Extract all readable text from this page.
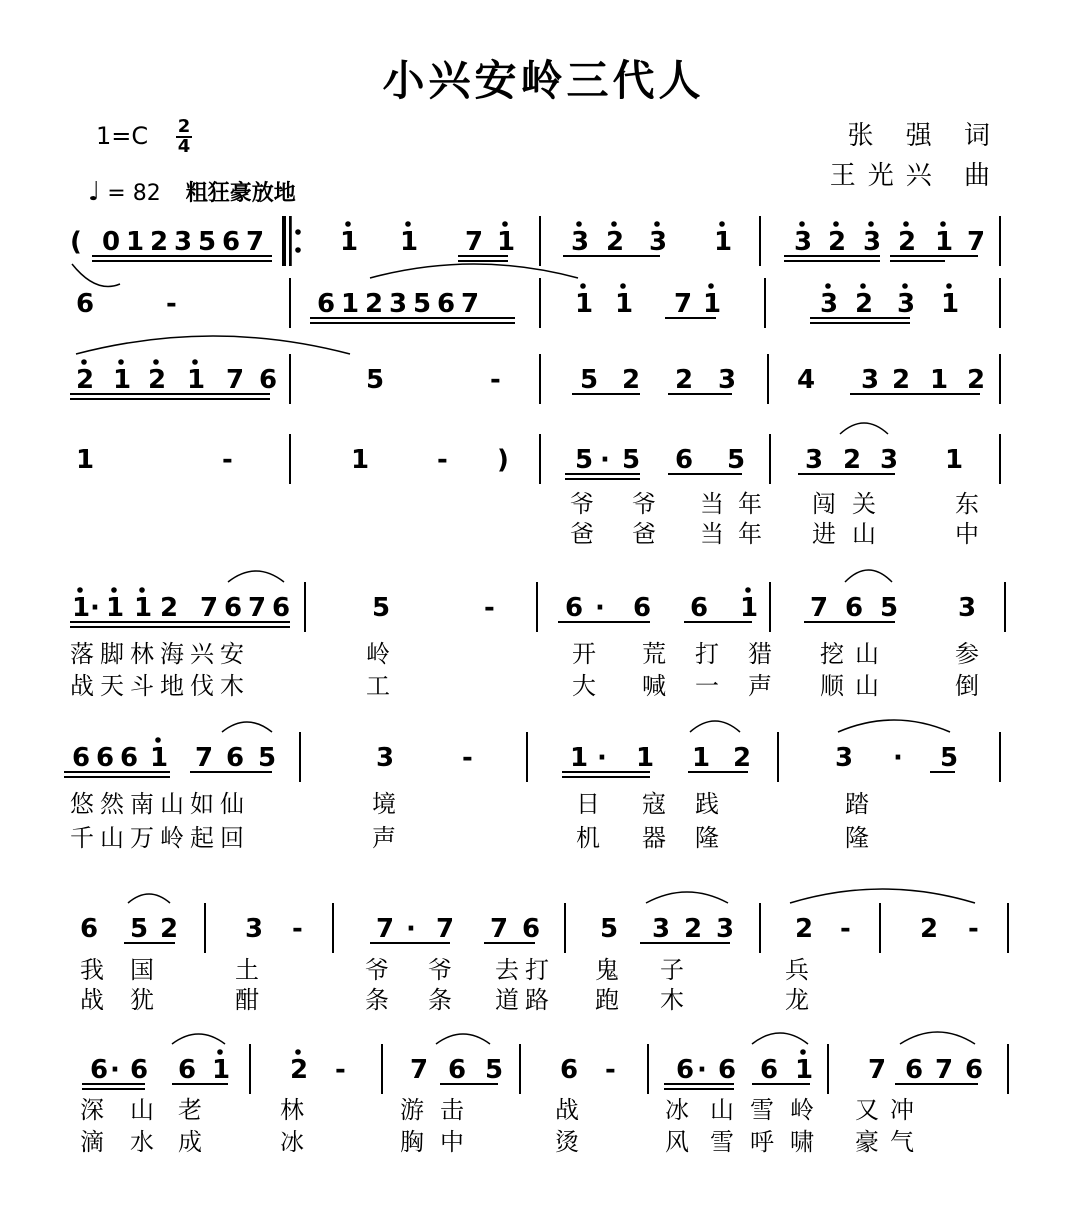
小兴安岭三代人
$1=C \frac{2}{4}$
♩ = 82 粗狂豪放地
张 强 词
王光兴 曲
( 0 1 2 3 5 6 7	1 1 7 1 3 2 3 1 3 2 3 2 1 7
6	-	6 1 2 3 5 6 7	1 1 7 1	3 2 3 1
2 1 2 1 7 6	5	-	5 2 2 3 4 3 2 1 2
1	-	1	- )	5 · 5 6 5 3 2 3 1
爷 爷 当 年 闯 关	东
爸 爸 当 年 进 山	中
1 · 1 1 2 7 6 7 6	5	-	6 · 6 6 1 7 6 5 3
落 脚 林 海 兴 安	岭	开 荒 打 猎 挖 山	参
战 天 斗 地 伐 木	工	大 喊 一 声 顺 山	倒
6 6 6 1 7 6 5	3	-	1 · 1 1 2	3 · 5
悠 然 南 山 如 仙	境	日 寇 践	踏
千 山 万 岭 起 回	声	机 器 隆	隆
6 5 2	3 -	7 · 7 7 6 5 3 2 3 2 -	2 -
我 国	土	爷 爷 去 打 鬼 子	兵
战 犹	酣	条 条 道 路 跑 木	龙
6 · 6 6 1 2 - 7 6 5 6 - 6 · 6 6 1 7 6 7 6
深 山 老	林	游 击	战	冰 山 雪 岭 又 冲
滴 水 成	冰	胸 中	烫	风 雪 呼 啸 豪 气
